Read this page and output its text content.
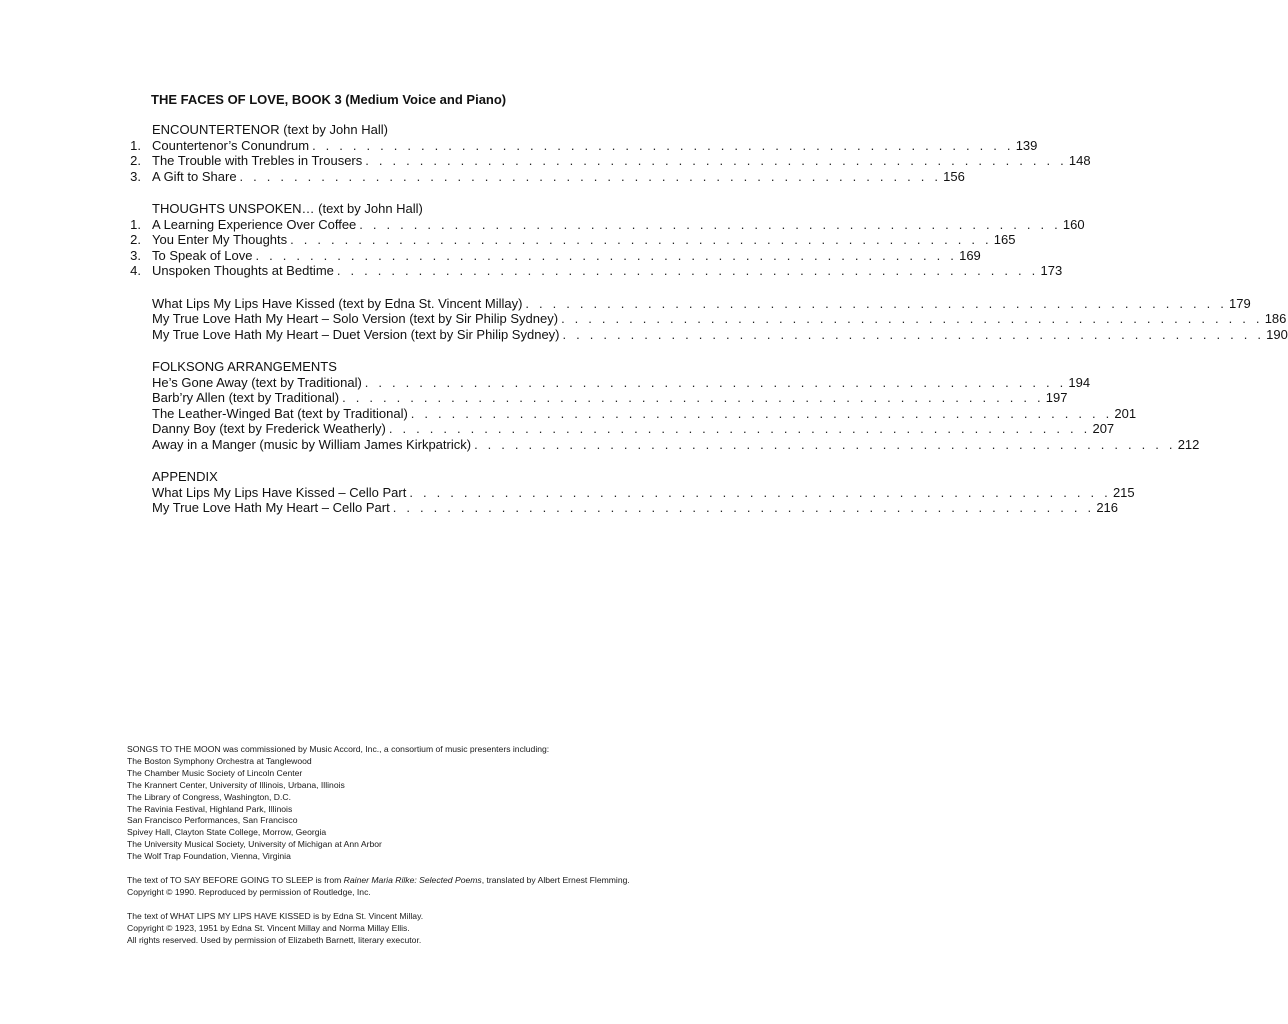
THE FACES OF LOVE, BOOK 3 (Medium Voice and Piano)
ENCOUNTERTENOR (text by John Hall)
1. Countertenor’s Conundrum . . . . . . . . . . . . . . . . . . . . . . . . . . . . . . . . . . . . . . . . . . . . . . . . . . . . 139
2. The Trouble with Trebles in Trousers . . . . . . . . . . . . . . . . . . . . . . . . . . . . . . . . . . . . . . . . . . . . . . . . . . . . 148
3. A Gift to Share . . . . . . . . . . . . . . . . . . . . . . . . . . . . . . . . . . . . . . . . . . . . . . . . . . . . 156
THOUGHTS UNSPOKEN… (text by John Hall)
1. A Learning Experience Over Coffee . . . . . . . . . . . . . . . . . . . . . . . . . . . . . . . . . . . . . . . . . . . . . . . . . . . . 160
2. You Enter My Thoughts . . . . . . . . . . . . . . . . . . . . . . . . . . . . . . . . . . . . . . . . . . . . . . . . . . . . 165
3. To Speak of Love . . . . . . . . . . . . . . . . . . . . . . . . . . . . . . . . . . . . . . . . . . . . . . . . . . . . 169
4. Unspoken Thoughts at Bedtime . . . . . . . . . . . . . . . . . . . . . . . . . . . . . . . . . . . . . . . . . . . . . . . . . . . . 173
What Lips My Lips Have Kissed (text by Edna St. Vincent Millay) . . . . . . . . . . . . . . . . . . . . . . . . . . . . . . . . . . . . . . . . . . . . . . . . . . . . 179
My True Love Hath My Heart – Solo Version (text by Sir Philip Sydney) . . . . . . . . . . . . . . . . . . . . . . . . . . . . . . . . . . . . . . . . . . . . . . . . . . . . 186
My True Love Hath My Heart – Duet Version (text by Sir Philip Sydney) . . . . . . . . . . . . . . . . . . . . . . . . . . . . . . . . . . . . . . . . . . . . . . . . . . . . 190
FOLKSONG ARRANGEMENTS
He’s Gone Away (text by Traditional) . . . . . . . . . . . . . . . . . . . . . . . . . . . . . . . . . . . . . . . . . . . . . . . . . . . . 194
Barb’ry Allen (text by Traditional) . . . . . . . . . . . . . . . . . . . . . . . . . . . . . . . . . . . . . . . . . . . . . . . . . . . . 197
The Leather-Winged Bat (text by Traditional) . . . . . . . . . . . . . . . . . . . . . . . . . . . . . . . . . . . . . . . . . . . . . . . . . . . . 201
Danny Boy (text by Frederick Weatherly) . . . . . . . . . . . . . . . . . . . . . . . . . . . . . . . . . . . . . . . . . . . . . . . . . . . . 207
Away in a Manger (music by William James Kirkpatrick) . . . . . . . . . . . . . . . . . . . . . . . . . . . . . . . . . . . . . . . . . . . . . . . . . . . . 212
APPENDIX
What Lips My Lips Have Kissed – Cello Part . . . . . . . . . . . . . . . . . . . . . . . . . . . . . . . . . . . . . . . . . . . . . . . . . . . . 215
My True Love Hath My Heart – Cello Part . . . . . . . . . . . . . . . . . . . . . . . . . . . . . . . . . . . . . . . . . . . . . . . . . . . . 216

SONGS TO THE MOON was commissioned by Music Accord, Inc., a consortium of music presenters including:
The Boston Symphony Orchestra at Tanglewood
The Chamber Music Society of Lincoln Center
The Krannert Center, University of Illinois, Urbana, Illinois
The Library of Congress, Washington, D.C.
The Ravinia Festival, Highland Park, Illinois
San Francisco Performances, San Francisco
Spivey Hall, Clayton State College, Morrow, Georgia
The University Musical Society, University of Michigan at Ann Arbor
The Wolf Trap Foundation, Vienna, Virginia

The text of TO SAY BEFORE GOING TO SLEEP is from Rainer Maria Rilke: Selected Poems, translated by Albert Ernest Flemming.
Copyright © 1990. Reproduced by permission of Routledge, Inc.

The text of WHAT LIPS MY LIPS HAVE KISSED is by Edna St. Vincent Millay.
Copyright © 1923, 1951 by Edna St. Vincent Millay and Norma Millay Ellis.
All rights reserved. Used by permission of Elizabeth Barnett, literary executor.
